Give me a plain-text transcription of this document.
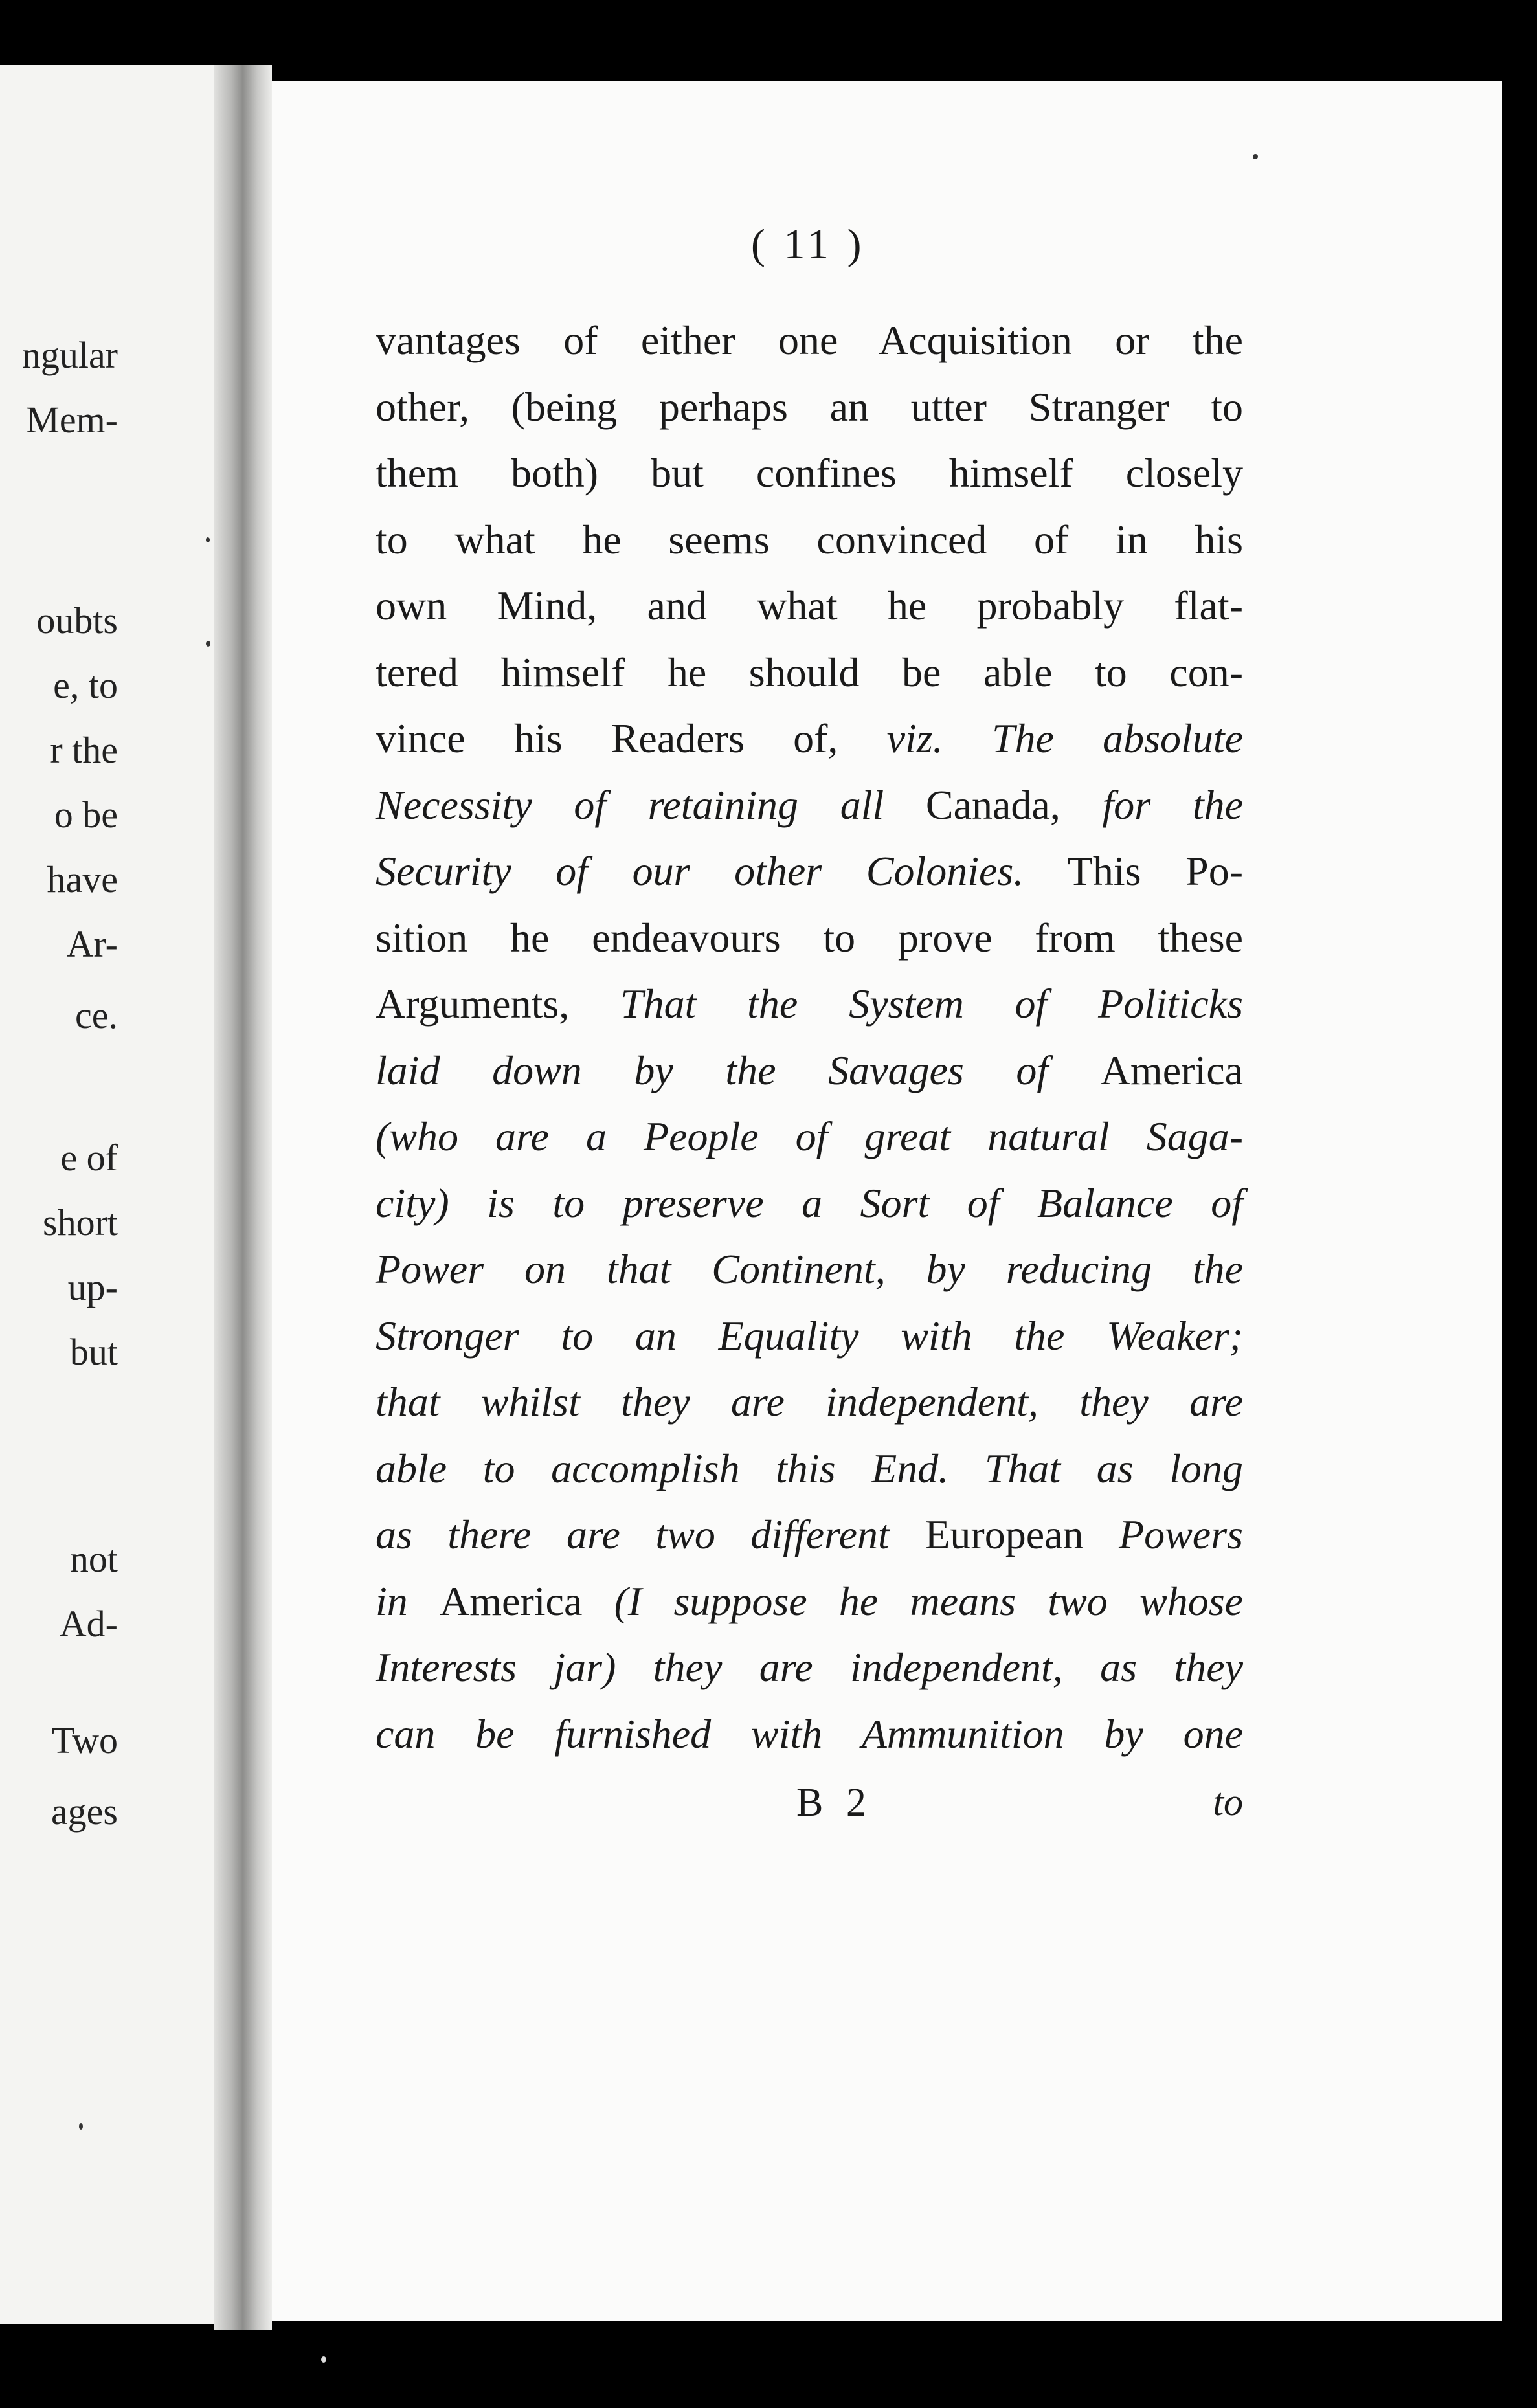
ngular
Mem-
oubts
e, to
r the
o be
have
Ar-
ce.
e of
short
up-
but
not
Ad-
Two
ages
( 11 )
vantages of either one Acquisition or the
other, (being perhaps an utter Stranger to
them both) but confines himself closely
to what he seems convinced of in his
own Mind, and what he probably flat-
tered himself he should be able to con-
vince his Readers of, viz. The absolute
Necessity of retaining all Canada, for the
Security of our other Colonies. This Po-
sition he endeavours to prove from these
Arguments, That the System of Politicks
laid down by the Savages of America
(who are a People of great natural Saga-
city) is to preserve a Sort of Balance of
Power on that Continent, by reducing the
Stronger to an Equality with the Weaker;
that whilst they are independent, they are
able to accomplish this End. That as long
as there are two different European Powers
in America (I suppose he means two whose
Interests jar) they are independent, as they
can be furnished with Ammunition by one
B 2	to
